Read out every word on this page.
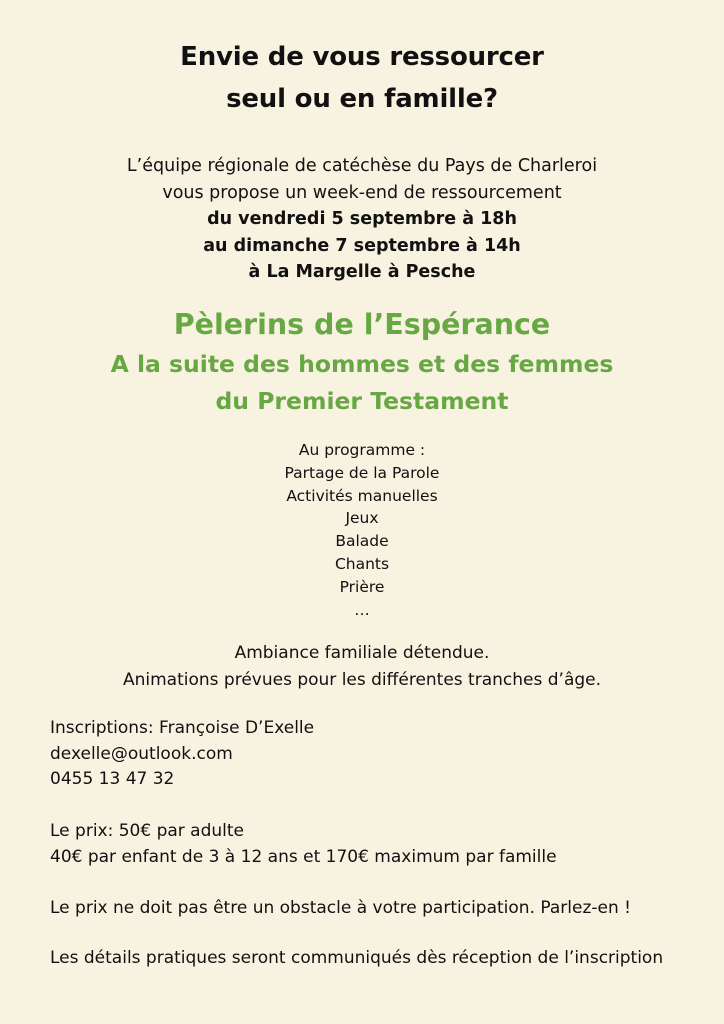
Envie de vous ressourcer
seul ou en famille?
L’équipe régionale de catéchèse du Pays de Charleroi
vous propose un week-end de ressourcement
du vendredi 5 septembre à 18h
au dimanche 7 septembre à 14h
à La Margelle à Pesche
Pèlerins de l’Espérance
A la suite des hommes et des femmes
du Premier Testament
Au programme :
Partage de la Parole
Activités manuelles
Jeux
Balade
Chants
Prière
…
Ambiance familiale détendue.
Animations prévues pour les différentes tranches d’âge.
Inscriptions: Françoise D’Exelle
dexelle@outlook.com
0455 13 47 32
Le prix: 50€ par adulte
40€ par enfant de 3 à 12 ans et 170€ maximum par famille
Le prix ne doit pas être un obstacle à votre participation. Parlez-en !
Les détails pratiques seront communiqués dès réception de l’inscription
